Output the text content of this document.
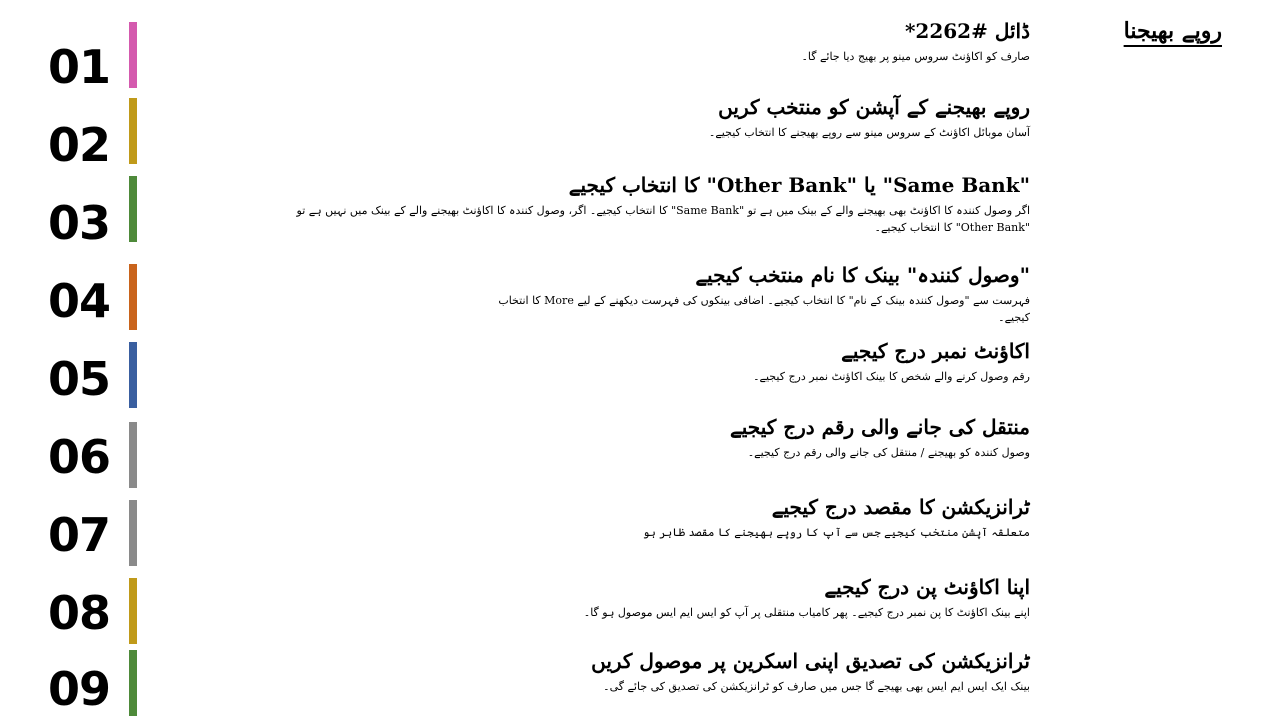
روپے بھیجنا
01
ڈائل #2262*
صارف کو اکاؤنٹ سروس مینو پر بھیج دیا جائے گا۔
02
روپے بھیجنے کے آپشن کو منتخب کریں
آسان موبائل اکاؤنٹ کے سروس مینو سے روپے بھیجنے کا انتخاب کیجیے۔
03
"Same Bank" یا "Other Bank" کا انتخاب کیجیے
اگر وصول کنندہ کا اکاؤنٹ بھی بھیجنے والے کے بینک میں ہے تو "Same Bank" کا انتخاب کیجیے۔ اگر، وصول کنندہ کا اکاؤنٹ بھیجنے والے کے بینک میں نہیں ہے تو "Other Bank" کا انتخاب کیجیے۔
04	"وصول کنندہ" بینک کا نام منتخب کیجیے
فہرست سے "وصول کنندہ بینک کے نام" کا انتخاب کیجیے۔ اضافی بینکوں کی فہرست دیکھنے کے لیے More کا انتخاب کیجیے۔
05
اکاؤنٹ نمبر درج کیجیے
رقم وصول کرنے والے شخص کا بینک اکاؤنٹ نمبر درج کیجیے۔
06
منتقل کی جانے والی رقم درج کیجیے
وصول کنندہ کو بھیجنے / منتقل کی جانے والی رقم درج کیجیے۔
07
ٹرانزیکشن کا مقصد درج کیجیے
متعلقہ آپشن منتخب کیجیے جس سے آپ کا روپے بھیجنے کا مقصد ظاہر ہو
08	اپنا اکاؤنٹ پن درج کیجیے
اپنے بینک اکاؤنٹ کا پن نمبر درج کیجیے۔ پھر کامیاب منتقلی پر آپ کو ایس ایم ایس موصول ہو گا۔
09
ٹرانزیکشن کی تصدیق اپنی اسکرین پر موصول کریں
بینک ایک ایس ایم ایس بھی بھیجے گا جس میں صارف کو ٹرانزیکشن کی تصدیق کی جائے گی۔
